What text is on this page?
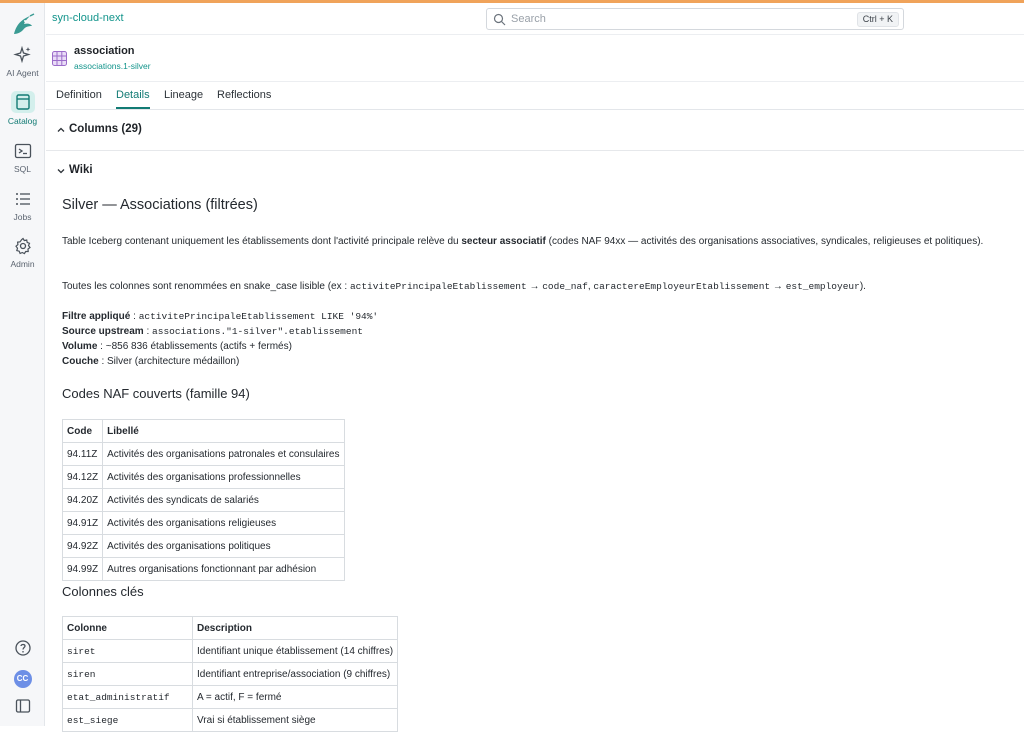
AI Agent
Catalog
SQL
Jobs
Admin
CC
syn-cloud-next
Search	Ctrl + K
association
associations.1-silver
Definition Details Lineage Reflections
Columns (29)
Wiki
Silver — Associations (filtrées)

Table Iceberg contenant uniquement les établissements dont l'activité principale relève du secteur associatif (codes NAF 94xx — activités des organisations associatives, syndicales, religieuses et politiques).

Toutes les colonnes sont renommées en snake_case lisible (ex : activitePrincipaleEtablissement → code_naf, caractereEmployeurEtablissement → est_employeur).

Filtre appliqué : activitePrincipaleEtablissement LIKE '94%'
Source upstream : associations."1-silver".etablissement
Volume : ~856 836 établissements (actifs + fermés)
Couche : Silver (architecture médaillon)

Codes NAF couverts (famille 94)
Code	Libellé
94.11Z	Activités des organisations patronales et consulaires
94.12Z	Activités des organisations professionnelles
94.20Z	Activités des syndicats de salariés
94.91Z	Activités des organisations religieuses
94.92Z	Activités des organisations politiques
94.99Z	Autres organisations fonctionnant par adhésion
Colonnes clés
Colonne	Description
siret	Identifiant unique établissement (14 chiffres)
siren	Identifiant entreprise/association (9 chiffres)
etat_administratif	A = actif, F = fermé
est_siege	Vrai si établissement siège
